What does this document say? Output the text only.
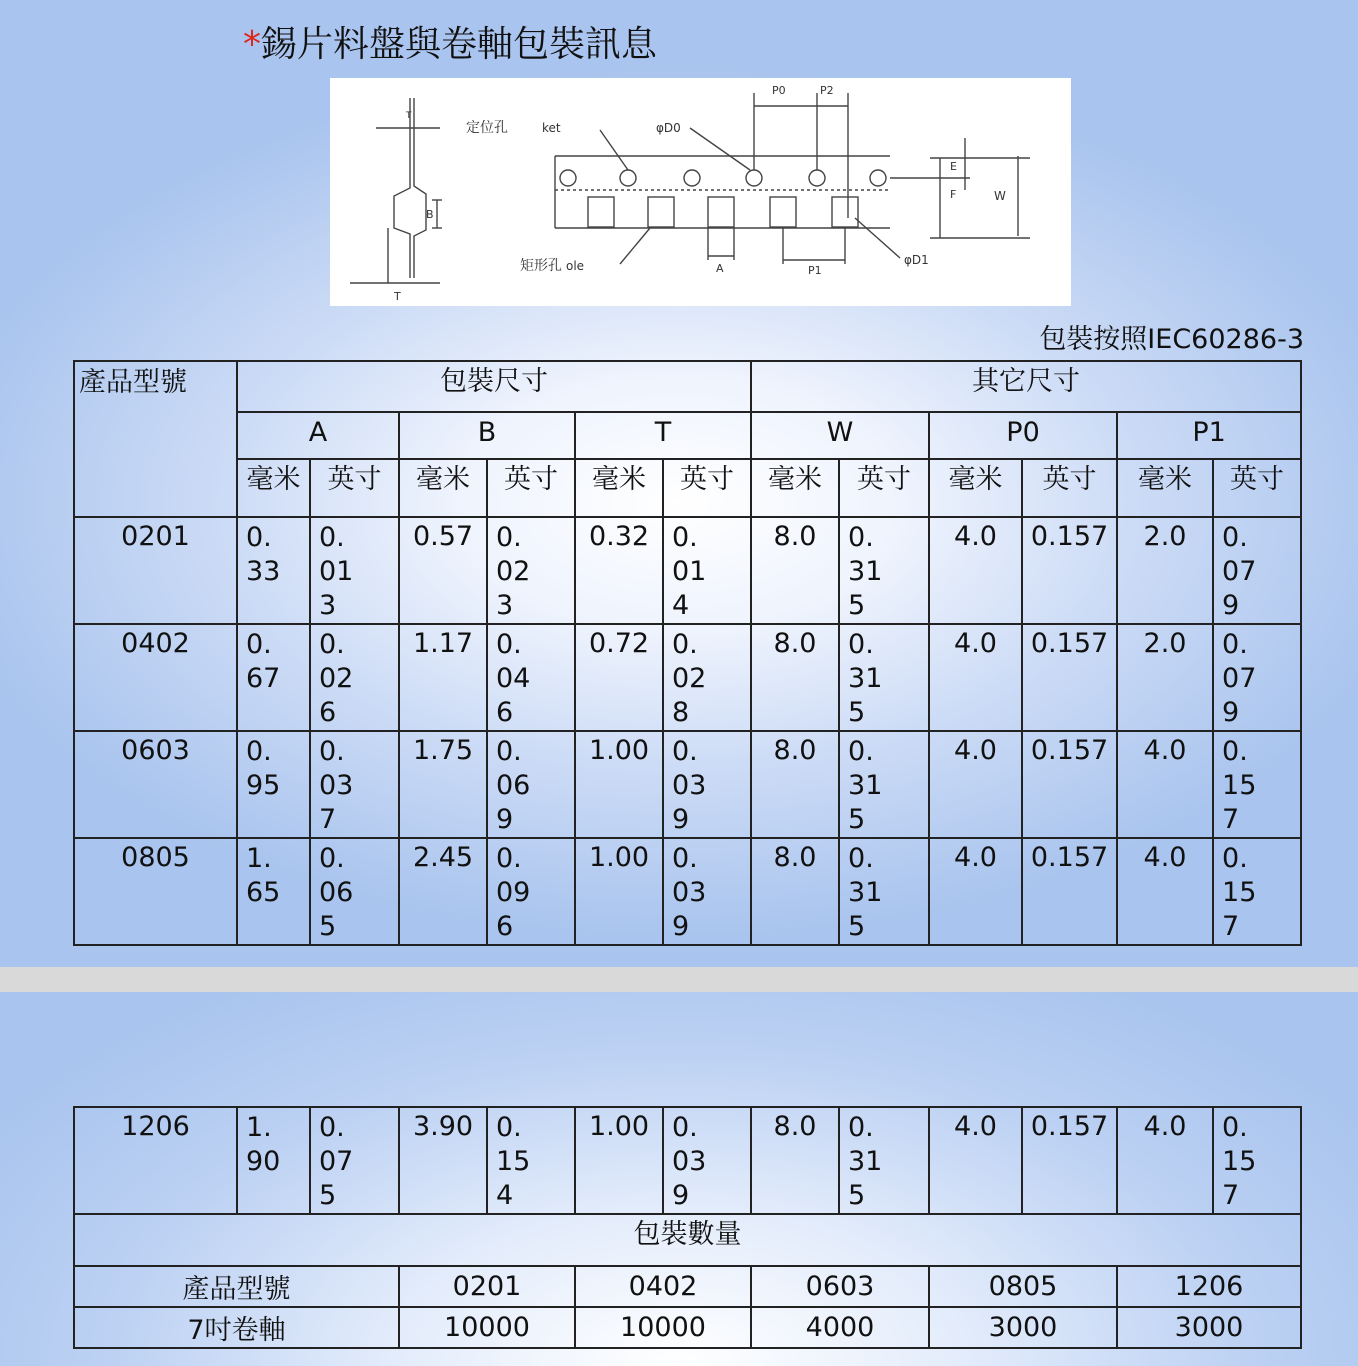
*錫片料盤與卷軸包裝訊息
定位孔	ket
矩形孔 ole
φD0
φD1
P0	P2
P1
A
B
T
T
E
F	W
包裝按照IEC60286-3
產品型號	包裝尺寸						其它尺寸					
	A		B		T		W		P0		P1	
	毫米	英寸	毫米	英寸	毫米	英寸	毫米	英寸	毫米	英寸	毫米	英寸
0201	0.33	0.013	0.57	0.023	0.32	0.014	8.0	0.315	4.0	0.157	2.0	0.079

0402	0.67	0.026	1.17	0.046	0.72	0.028	8.0	0.315	4.0	0.157	2.0	0.079

0603	0.95	0.037	1.75	0.069	1.00	0.039	8.0	0.315	4.0	0.157	4.0	0.157

0805	1.65	0.065	2.45	0.096	1.00	0.039	8.0	0.315	4.0	0.157	4.0	0.157
1206	1.90	0.075	3.90	0.154	1.00	0.039	8.0	0.315	4.0	0.157	4.0	0.157

包裝數量												
產品型號			0201		0402		0603		0805		1206	
7吋卷軸			10000		10000		4000		3000		3000	
